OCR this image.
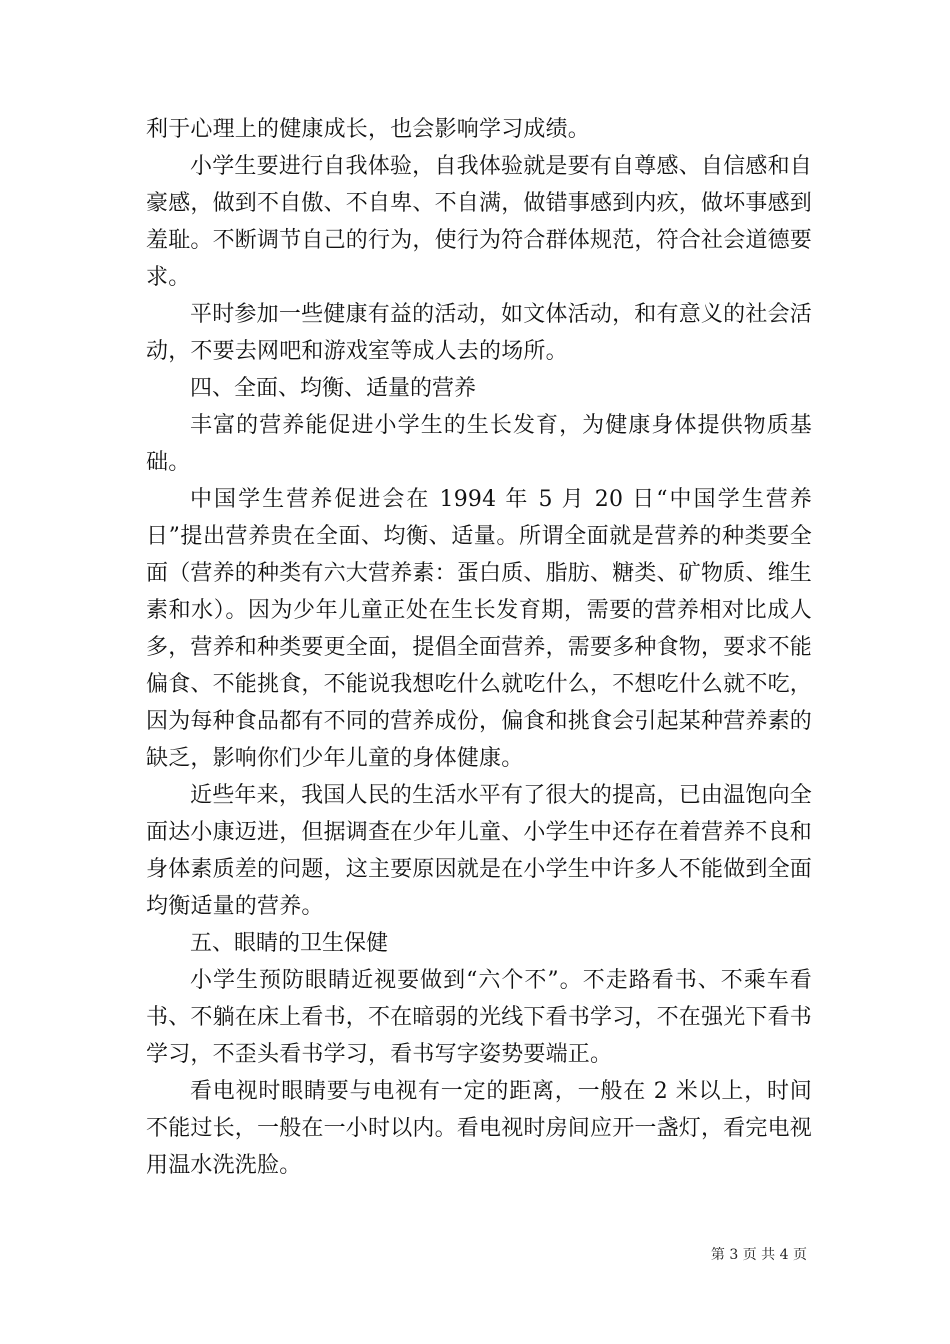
利于心理上的健康成长，也会影响学习成绩。

小学生要进行自我体验，自我体验就是要有自尊感、自信感和自豪感，做到不自傲、不自卑、不自满，做错事感到内疚，做坏事感到羞耻。不断调节自己的行为，使行为符合群体规范，符合社会道德要求。

平时参加一些健康有益的活动，如文体活动，和有意义的社会活动，不要去网吧和游戏室等成人去的场所。

四、全面、均衡、适量的营养

丰富的营养能促进小学生的生长发育，为健康身体提供物质基础。

中国学生营养促进会在 1994 年 5 月 20 日“中国学生营养日”提出营养贵在全面、均衡、适量。所谓全面就是营养的种类要全面（营养的种类有六大营养素：蛋白质、脂肪、糖类、矿物质、维生素和水）。因为少年儿童正处在生长发育期，需要的营养相对比成人多，营养和种类要更全面，提倡全面营养，需要多种食物，要求不能偏食、不能挑食，不能说我想吃什么就吃什么，不想吃什么就不吃，因为每种食品都有不同的营养成份，偏食和挑食会引起某种营养素的缺乏，影响你们少年儿童的身体健康。

近些年来，我国人民的生活水平有了很大的提高，已由温饱向全面达小康迈进，但据调查在少年儿童、小学生中还存在着营养不良和身体素质差的问题，这主要原因就是在小学生中许多人不能做到全面均衡适量的营养。

五、眼睛的卫生保健

小学生预防眼睛近视要做到“六个不”。不走路看书、不乘车看书、不躺在床上看书，不在暗弱的光线下看书学习，不在强光下看书学习，不歪头看书学习，看书写字姿势要端正。

看电视时眼睛要与电视有一定的距离，一般在 2 米以上，时间不能过长，一般在一小时以内。看电视时房间应开一盏灯，看完电视用温水洗洗脸。

第 3 页 共 4 页
